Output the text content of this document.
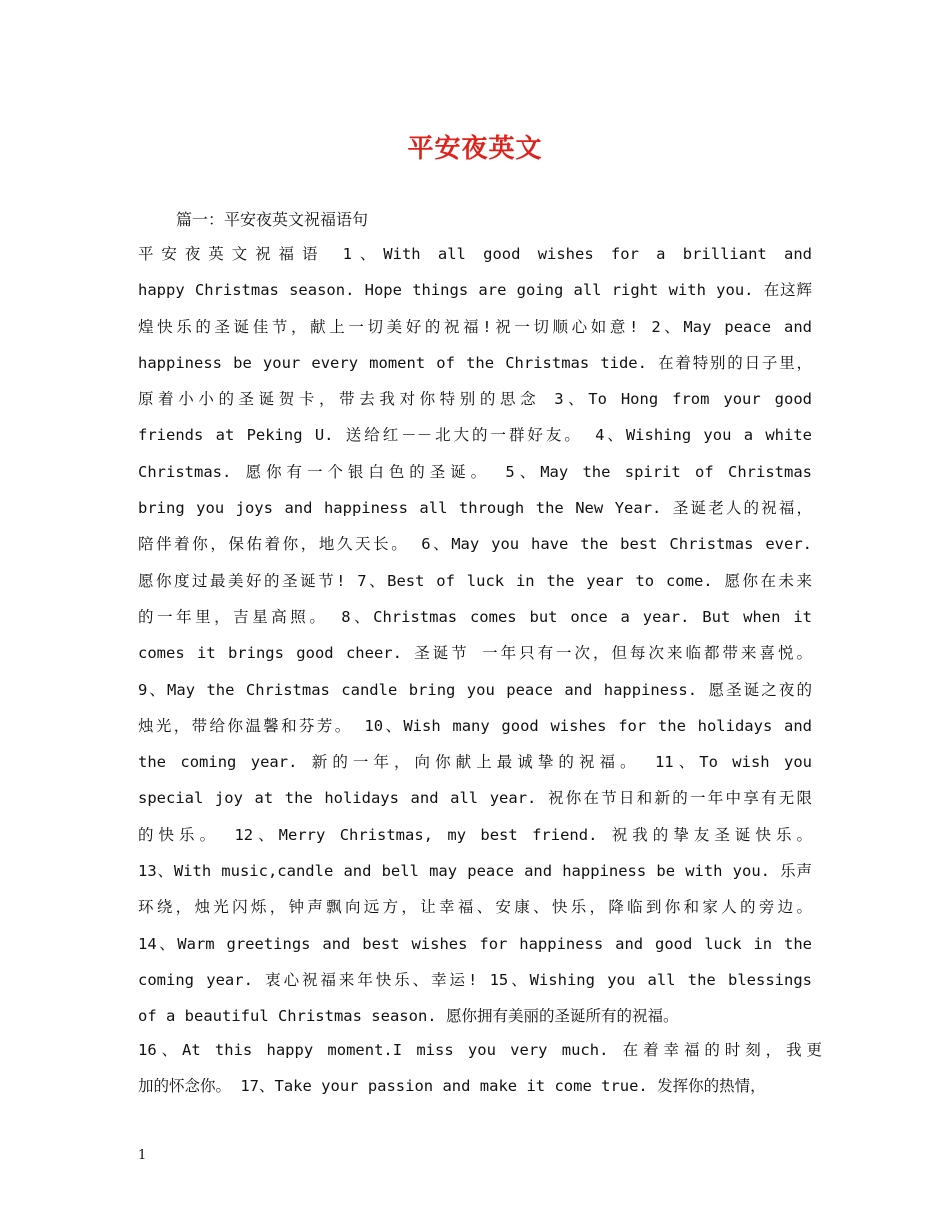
平安夜英文
篇一：平安夜英文祝福语句
平安夜英文祝福语 1、With all good wishes for a brilliant and
happy Christmas season. Hope things are going all right with you. 在这辉
煌快乐的圣诞佳节，献上一切美好的祝福!祝一切顺心如意! 2、May peace and
happiness be your every moment of the Christmas tide. 在着特别的日子里，
原着小小的圣诞贺卡，带去我对你特别的思念 3、To Hong from your good
friends at Peking U. 送给红－－北大的一群好友。 4、Wishing you a white
Christmas. 愿你有一个银白色的圣诞。 5、May the spirit of Christmas
bring you joys and happiness all through the New Year. 圣诞老人的祝福，
陪伴着你，保佑着你，地久天长。 6、May you have the best Christmas ever.
愿你度过最美好的圣诞节! 7、Best of luck in the year to come. 愿你在未来
的一年里，吉星高照。 8、Christmas comes but once a year. But when it
comes it brings good cheer. 圣诞节 一年只有一次，但每次来临都带来喜悦。
9、May the Christmas candle bring you peace and happiness. 愿圣诞之夜的
烛光，带给你温馨和芬芳。 10、Wish many good wishes for the holidays and
the coming year. 新的一年，向你献上最诚挚的祝福。 11、To wish you
special joy at the holidays and all year. 祝你在节日和新的一年中享有无限
的快乐。 12、Merry Christmas, my best friend. 祝我的挚友圣诞快乐。
13、With music,candle and bell may peace and happiness be with you. 乐声
环绕，烛光闪烁，钟声飘向远方，让幸福、安康、快乐，降临到你和家人的旁边。
14、Warm greetings and best wishes for happiness and good luck in the
coming year. 衷心祝福来年快乐、幸运! 15、Wishing you all the blessings
of a beautiful Christmas season. 愿你拥有美丽的圣诞所有的祝福。
16、At this happy moment.I miss you very much. 在着幸福的时刻，我更
加的怀念你。 17、Take your passion and make it come true. 发挥你的热情，
1
